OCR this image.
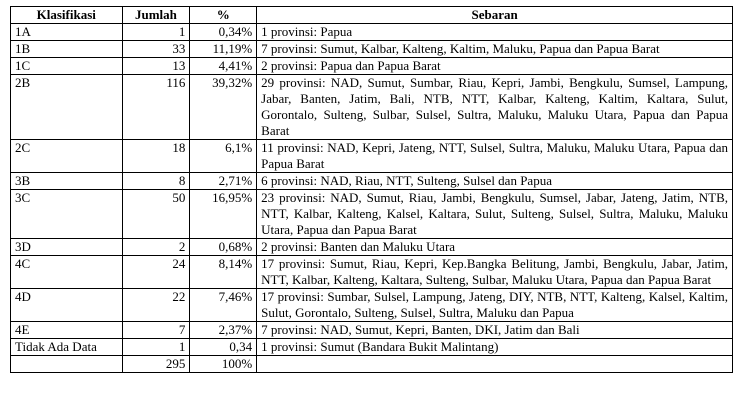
Klasifikasi	Jumlah	%	Sebaran
1A	1	0,34%	1 provinsi: Papua
1B	33	11,19%	7 provinsi: Sumut, Kalbar, Kalteng, Kaltim, Maluku, Papua dan Papua Barat
1C	13	4,41%	2 provinsi: Papua dan Papua Barat
2B	116	39,32%	29 provinsi: NAD, Sumut, Sumbar, Riau, Kepri, Jambi, Bengkulu, Sumsel, Lampung, Jabar, Banten, Jatim, Bali, NTB, NTT, Kalbar, Kalteng, Kaltim, Kaltara, Sulut, Gorontalo, Sulteng, Sulbar, Sulsel, Sultra, Maluku, Maluku Utara, Papua dan Papua Barat
2C	18	6,1%	11 provinsi: NAD, Kepri, Jateng, NTT, Sulsel, Sultra, Maluku, Maluku Utara, Papua dan Papua Barat
3B	8	2,71%	6 provinsi: NAD, Riau, NTT, Sulteng, Sulsel dan Papua
3C	50	16,95%	23 provinsi: NAD, Sumut, Riau, Jambi, Bengkulu, Sumsel, Jabar, Jateng, Jatim, NTB, NTT, Kalbar, Kalteng, Kalsel, Kaltara, Sulut, Sulteng, Sulsel, Sultra, Maluku, Maluku Utara, Papua dan Papua Barat
3D	2	0,68%	2 provinsi: Banten dan Maluku Utara
4C	24	8,14%	17 provinsi: Sumut, Riau, Kepri, Kep.Bangka Belitung, Jambi, Bengkulu, Jabar, Jatim, NTT, Kalbar, Kalteng, Kaltara, Sulteng, Sulbar, Maluku Utara, Papua dan Papua Barat
4D	22	7,46%	17 provinsi: Sumbar, Sulsel, Lampung, Jateng, DIY, NTB, NTT, Kalteng, Kalsel, Kaltim, Sulut, Gorontalo, Sulteng, Sulsel, Sultra, Maluku dan Papua
4E	7	2,37%	7 provinsi: NAD, Sumut, Kepri, Banten, DKI, Jatim dan Bali
Tidak Ada Data	1	0,34	1 provinsi: Sumut (Bandara Bukit Malintang)
	295	100%	
